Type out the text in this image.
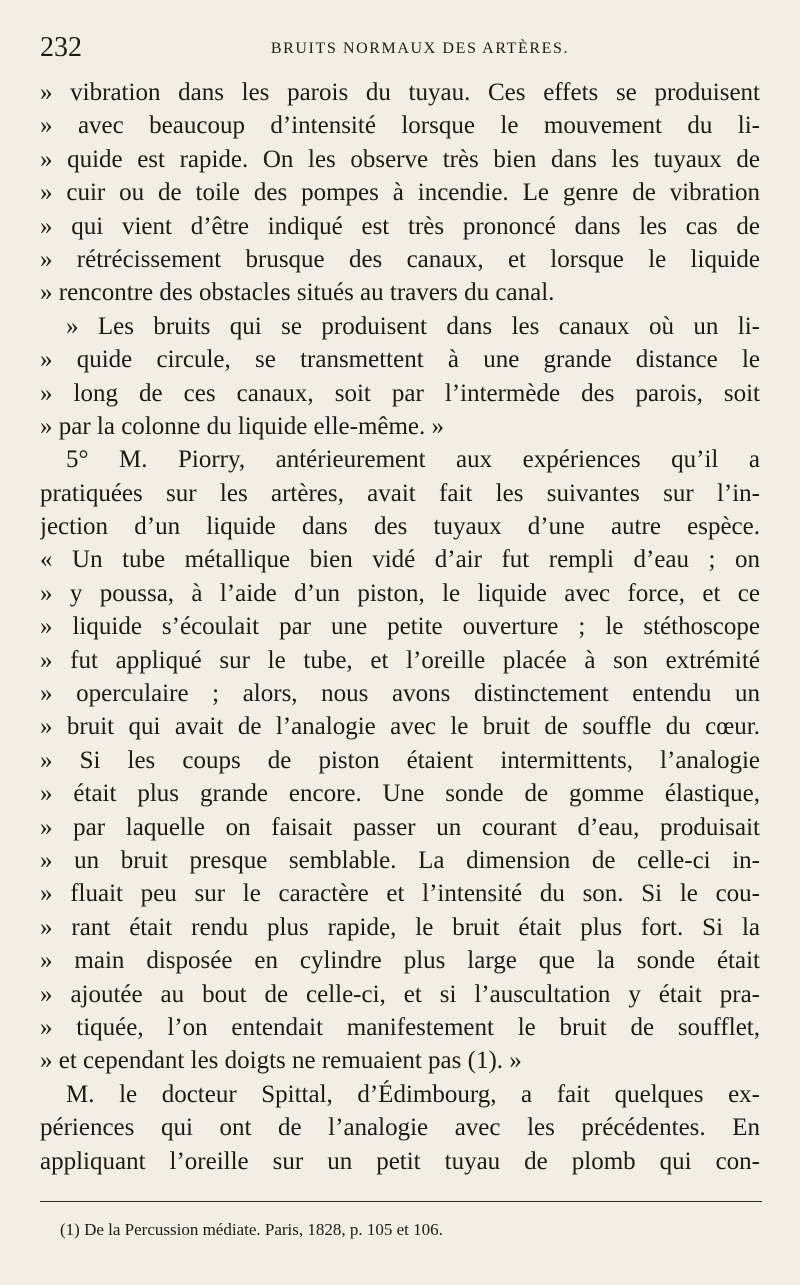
232	BRUITS NORMAUX DES ARTÈRES.
» vibration dans les parois du tuyau. Ces effets se produisent
» avec beaucoup d’intensité lorsque le mouvement du li-
» quide est rapide. On les observe très bien dans les tuyaux de
» cuir ou de toile des pompes à incendie. Le genre de vibration
» qui vient d’être indiqué est très prononcé dans les cas de
» rétrécissement brusque des canaux, et lorsque le liquide
» rencontre des obstacles situés au travers du canal.
» Les bruits qui se produisent dans les canaux où un li-
» quide circule, se transmettent à une grande distance le
» long de ces canaux, soit par l’intermède des parois, soit
» par la colonne du liquide elle-même. »
5° M. Piorry, antérieurement aux expériences qu’il a
pratiquées sur les artères, avait fait les suivantes sur l’in-
jection d’un liquide dans des tuyaux d’une autre espèce.
« Un tube métallique bien vidé d’air fut rempli d’eau ; on
» y poussa, à l’aide d’un piston, le liquide avec force, et ce
» liquide s’écoulait par une petite ouverture ; le stéthoscope
» fut appliqué sur le tube, et l’oreille placée à son extrémité
» operculaire ; alors, nous avons distinctement entendu un
» bruit qui avait de l’analogie avec le bruit de souffle du cœur.
» Si les coups de piston étaient intermittents, l’analogie
» était plus grande encore. Une sonde de gomme élastique,
» par laquelle on faisait passer un courant d’eau, produisait
» un bruit presque semblable. La dimension de celle-ci in-
» fluait peu sur le caractère et l’intensité du son. Si le cou-
» rant était rendu plus rapide, le bruit était plus fort. Si la
» main disposée en cylindre plus large que la sonde était
» ajoutée au bout de celle-ci, et si l’auscultation y était pra-
» tiquée, l’on entendait manifestement le bruit de soufflet,
» et cependant les doigts ne remuaient pas (1). »
M. le docteur Spittal, d’Édimbourg, a fait quelques ex-
périences qui ont de l’analogie avec les précédentes. En
appliquant l’oreille sur un petit tuyau de plomb qui con-
(1) De la Percussion médiate. Paris, 1828, p. 105 et 106.
